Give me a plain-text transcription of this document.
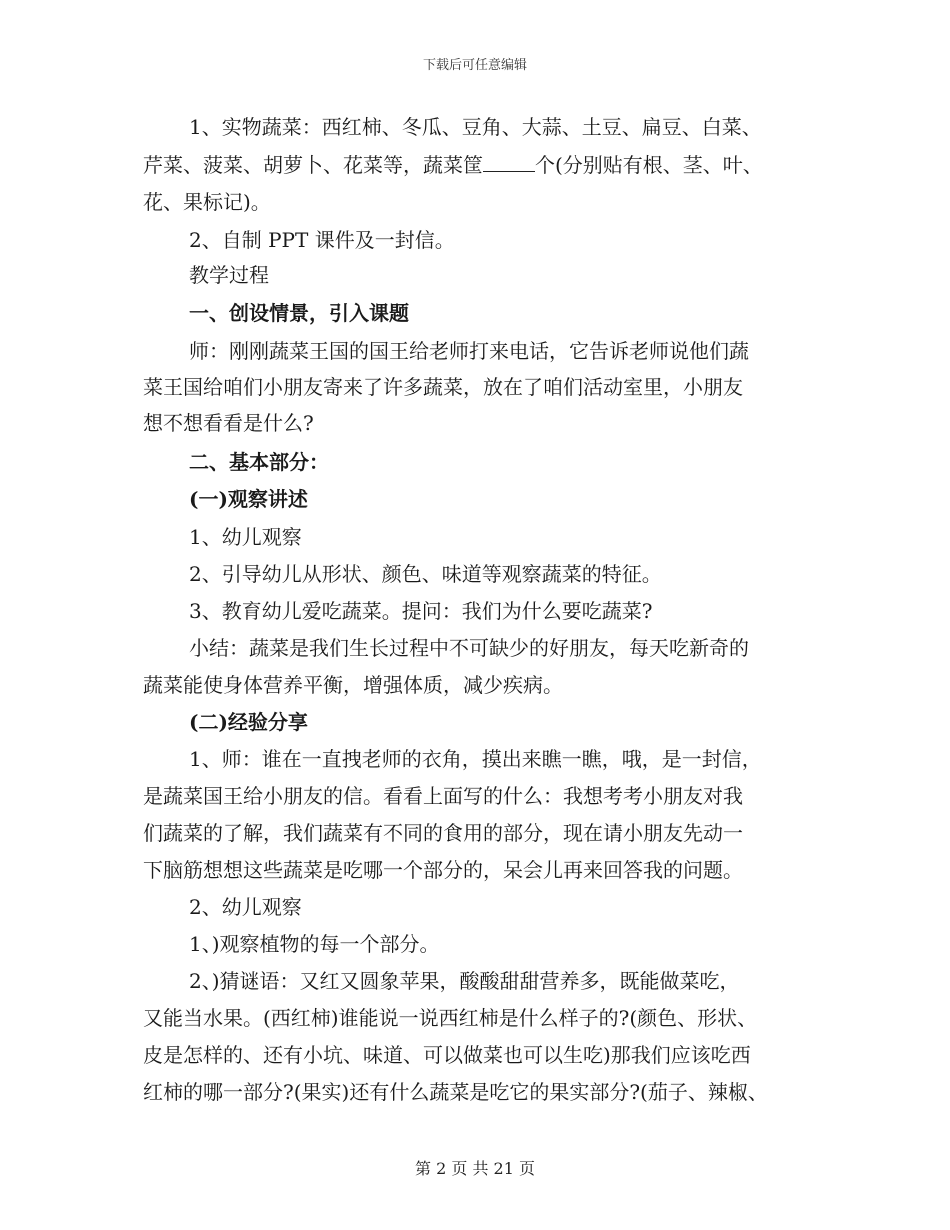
下载后可任意编辑
1、实物蔬菜：西红柿、冬瓜、豆角、大蒜、土豆、扁豆、白菜、
芹菜、菠菜、胡萝卜、花菜等，蔬菜筐	个(分别贴有根、茎、叶、
花、果标记)。
2、自制 PPT 课件及一封信。
教学过程
一、创设情景，引入课题
师：刚刚蔬菜王国的国王给老师打来电话，它告诉老师说他们蔬
菜王国给咱们小朋友寄来了许多蔬菜，放在了咱们活动室里，小朋友
想不想看看是什么?
二、基本部分：
(一)观察讲述
1、幼儿观察
2、引导幼儿从形状、颜色、味道等观察蔬菜的特征。
3、教育幼儿爱吃蔬菜。提问：我们为什么要吃蔬菜?
小结：蔬菜是我们生长过程中不可缺少的好朋友，每天吃新奇的
蔬菜能使身体营养平衡，增强体质，减少疾病。
(二)经验分享
1、师：谁在一直拽老师的衣角，摸出来瞧一瞧，哦，是一封信，
是蔬菜国王给小朋友的信。看看上面写的什么：我想考考小朋友对我
们蔬菜的了解，我们蔬菜有不同的食用的部分，现在请小朋友先动一
下脑筋想想这些蔬菜是吃哪一个部分的，呆会儿再来回答我的问题。
2、幼儿观察
1、)观察植物的每一个部分。
2、)猜谜语：又红又圆象苹果，酸酸甜甜营养多，既能做菜吃，
又能当水果。(西红柿)谁能说一说西红柿是什么样子的?(颜色、形状、
皮是怎样的、还有小坑、味道、可以做菜也可以生吃)那我们应该吃西
红柿的哪一部分?(果实)还有什么蔬菜是吃它的果实部分?(茄子、辣椒、
第 2 页 共 21 页
